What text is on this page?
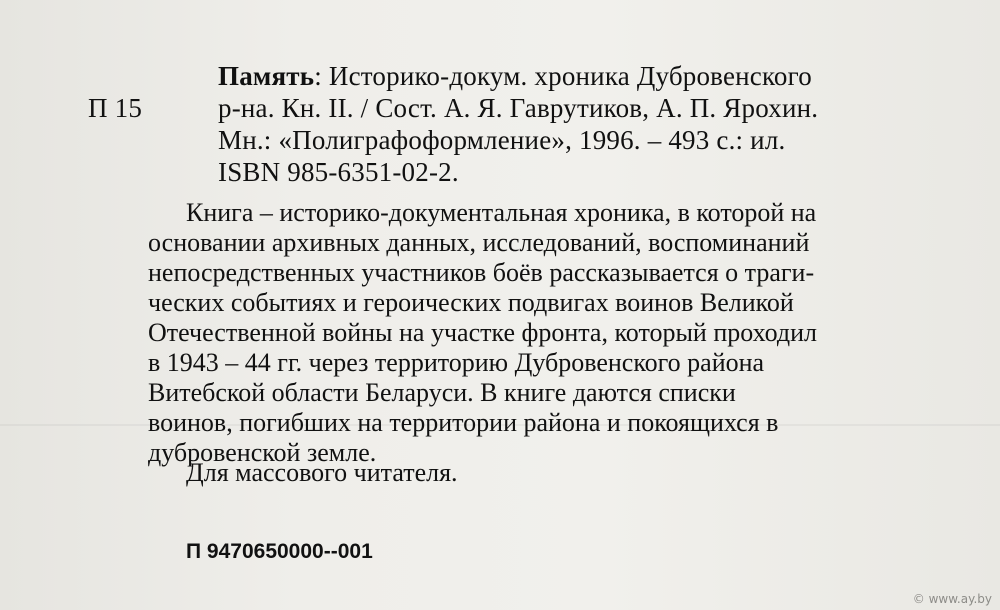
Память: Историко-докум. хроника Дубровенского
П 15	р-на. Кн. II. / Сост. А. Я. Гаврутиков, А. П. Ярохин.
Мн.: «Полиграфоформление», 1996. – 493 с.: ил.
ISBN 985-6351-02-2.
Книга – историко-документальная хроника, в которой на
основании архивных данных, исследований, воспоминаний
непосредственных участников боёв рассказывается о траги-
ческих событиях и героических подвигах воинов Великой
Отечественной войны на участке фронта, который проходил
в 1943 – 44 гг. через территорию Дубровенского района
Витебской области Беларуси. В книге даются списки
воинов, погибших на территории района и покоящихся в
дубровенской земле.
Для массового читателя.
П 9470650000--001
© www.ay.by
